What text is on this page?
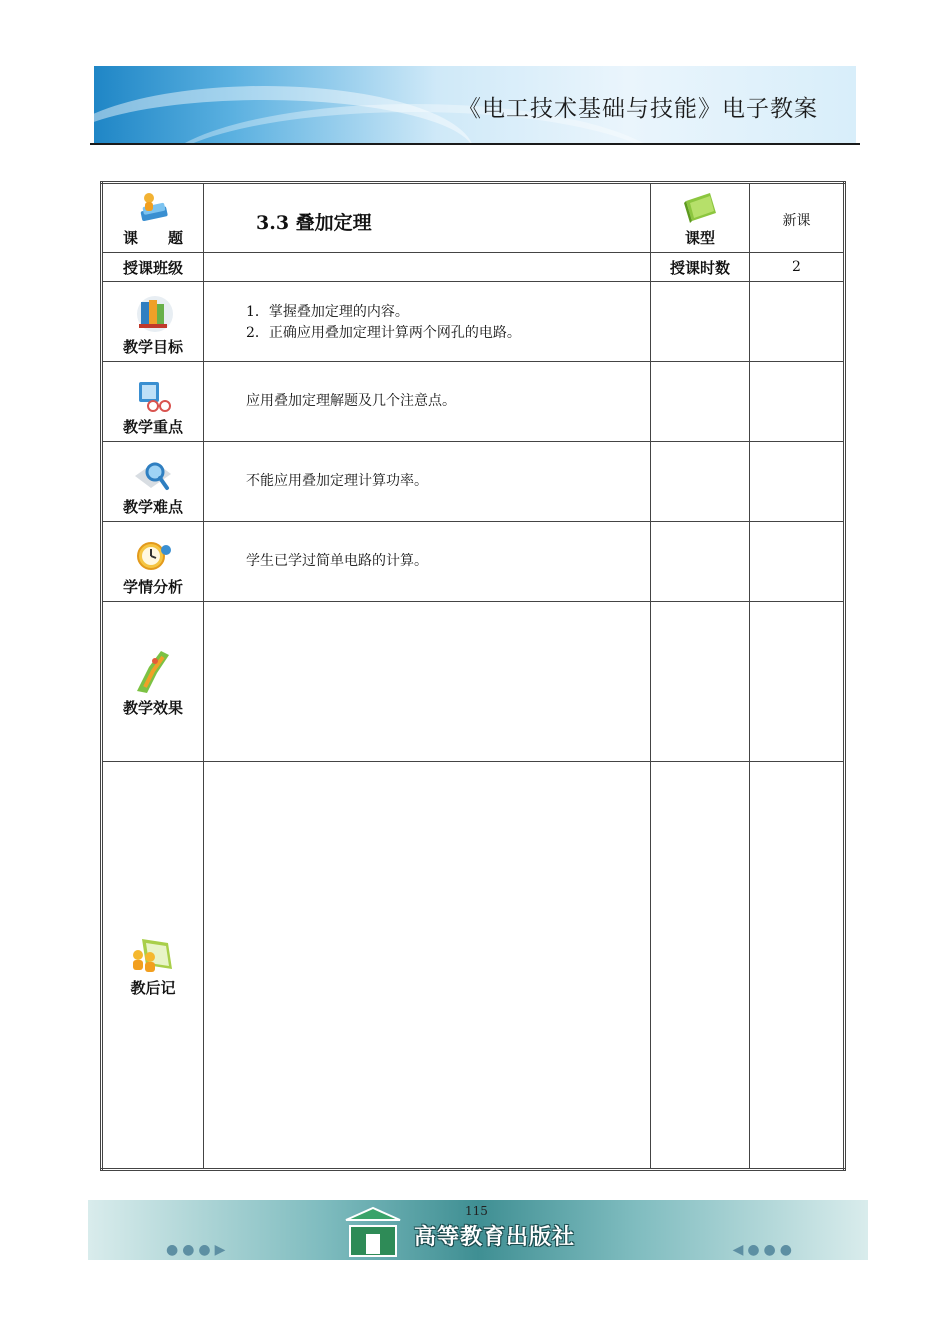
《电工技术基础与技能》电子教案
课　　题	3.3 叠加定理	课型	新课
授课班级		授课时数	2

教学目标	1．掌握叠加定理的内容。

2．正确应用叠加定理计算两个网孔的电路。		

教学重点	应用叠加定理解题及几个注意点。		

教学难点	不能应用叠加定理计算功率。		

学情分析	学生已学过简单电路的计算。		

教学效果			

教后记			

●●●▶	高等教育出版社	◀●●●
115
